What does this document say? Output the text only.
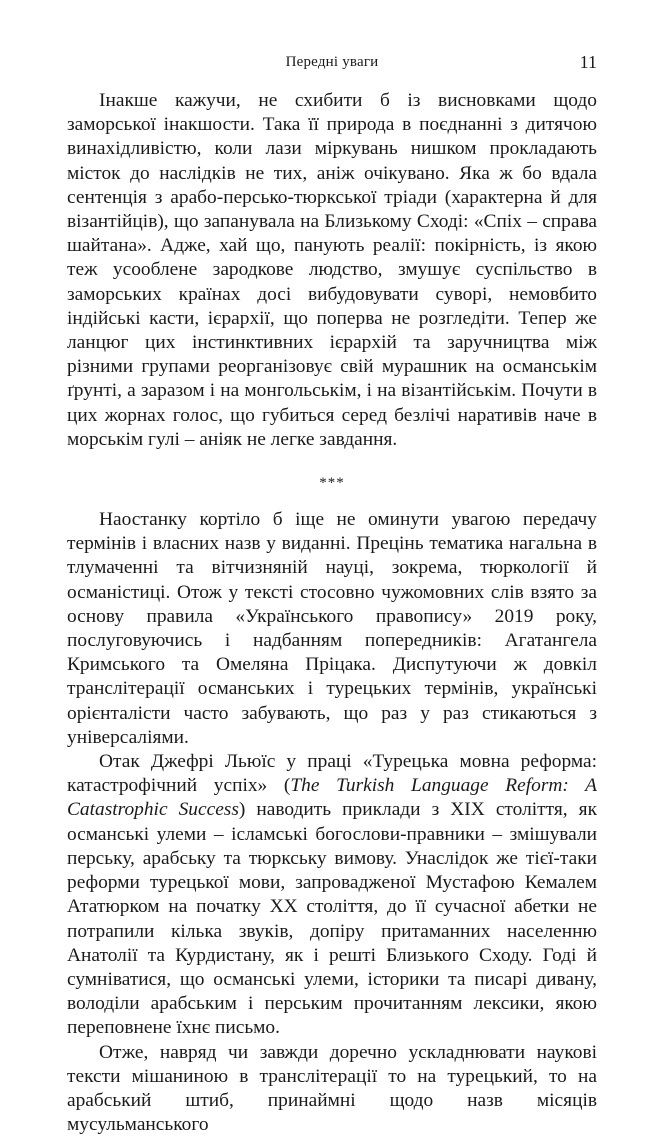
Передні уваги	11

Інакше кажучи, не схибити б із висновками щодо заморської інакшости. Така її природа в поєднанні з дитячою винахідливістю, коли лази міркувань нишком прокладають місток до наслідків не тих, аніж очікувано. Яка ж бо вдала сентенція з арабо-персько-тюркської тріади (характерна й для візантійців), що запанувала на Близькому Сході: «Спіх – справа шайтана». Адже, хай що, панують реалії: покірність, із якою теж усооблене зародкове людство, змушує суспільство в заморських країнах досі вибудовувати суворі, немовбито індійські касти, ієрархії, що поперва не розгледіти. Тепер же ланцюг цих інстинктивних ієрархій та заручництва між різними групами реорганізовує свій мурашник на османськім ґрунті, а заразом і на монгольськім, і на візантійськім. Почути в цих жорнах голос, що губиться серед безлічі наративів наче в морськім гулі – аніяк не легке завдання.

***

Наостанку кортіло б іще не оминути увагою передачу термінів і власних назв у виданні. Прецінь тематика нагальна в тлумаченні та вітчизняній науці, зокрема, тюркології й османістиці. Отож у тексті стосовно чужомовних слів взято за основу правила «Українського правопису» 2019 року, послуговуючись і надбанням попередників: Агатангела Кримського та Омеляна Пріцака. Диспутуючи ж довкіл транслітерації османських і турецьких термінів, українські орієнталісти часто забувають, що раз у раз стикаються з універсаліями.

Отак Джефрі Льюїс у праці «Турецька мовна реформа: катастрофічний успіх» (The Turkish Language Reform: A Catastrophic Success) наводить приклади з XIX століття, як османські улеми – ісламські богослови-правники – змішували перську, арабську та тюркську вимову. Унаслідок же тієї-таки реформи турецької мови, запровадженої Мустафою Кемалем Ататюрком на початку XX століття, до її сучасної абетки не потрапили кілька звуків, допіру притаманних населенню Анатолії та Курдистану, як і решті Близького Сходу. Годі й сумніватися, що османські улеми, історики та писарі дивану, володіли арабським і перським прочитанням лексики, якою переповнене їхнє письмо.

Отже, навряд чи завжди доречно ускладнювати наукові тексти мішаниною в транслітерації то на турецький, то на арабський штиб, принаймні щодо назв місяців мусульманського
